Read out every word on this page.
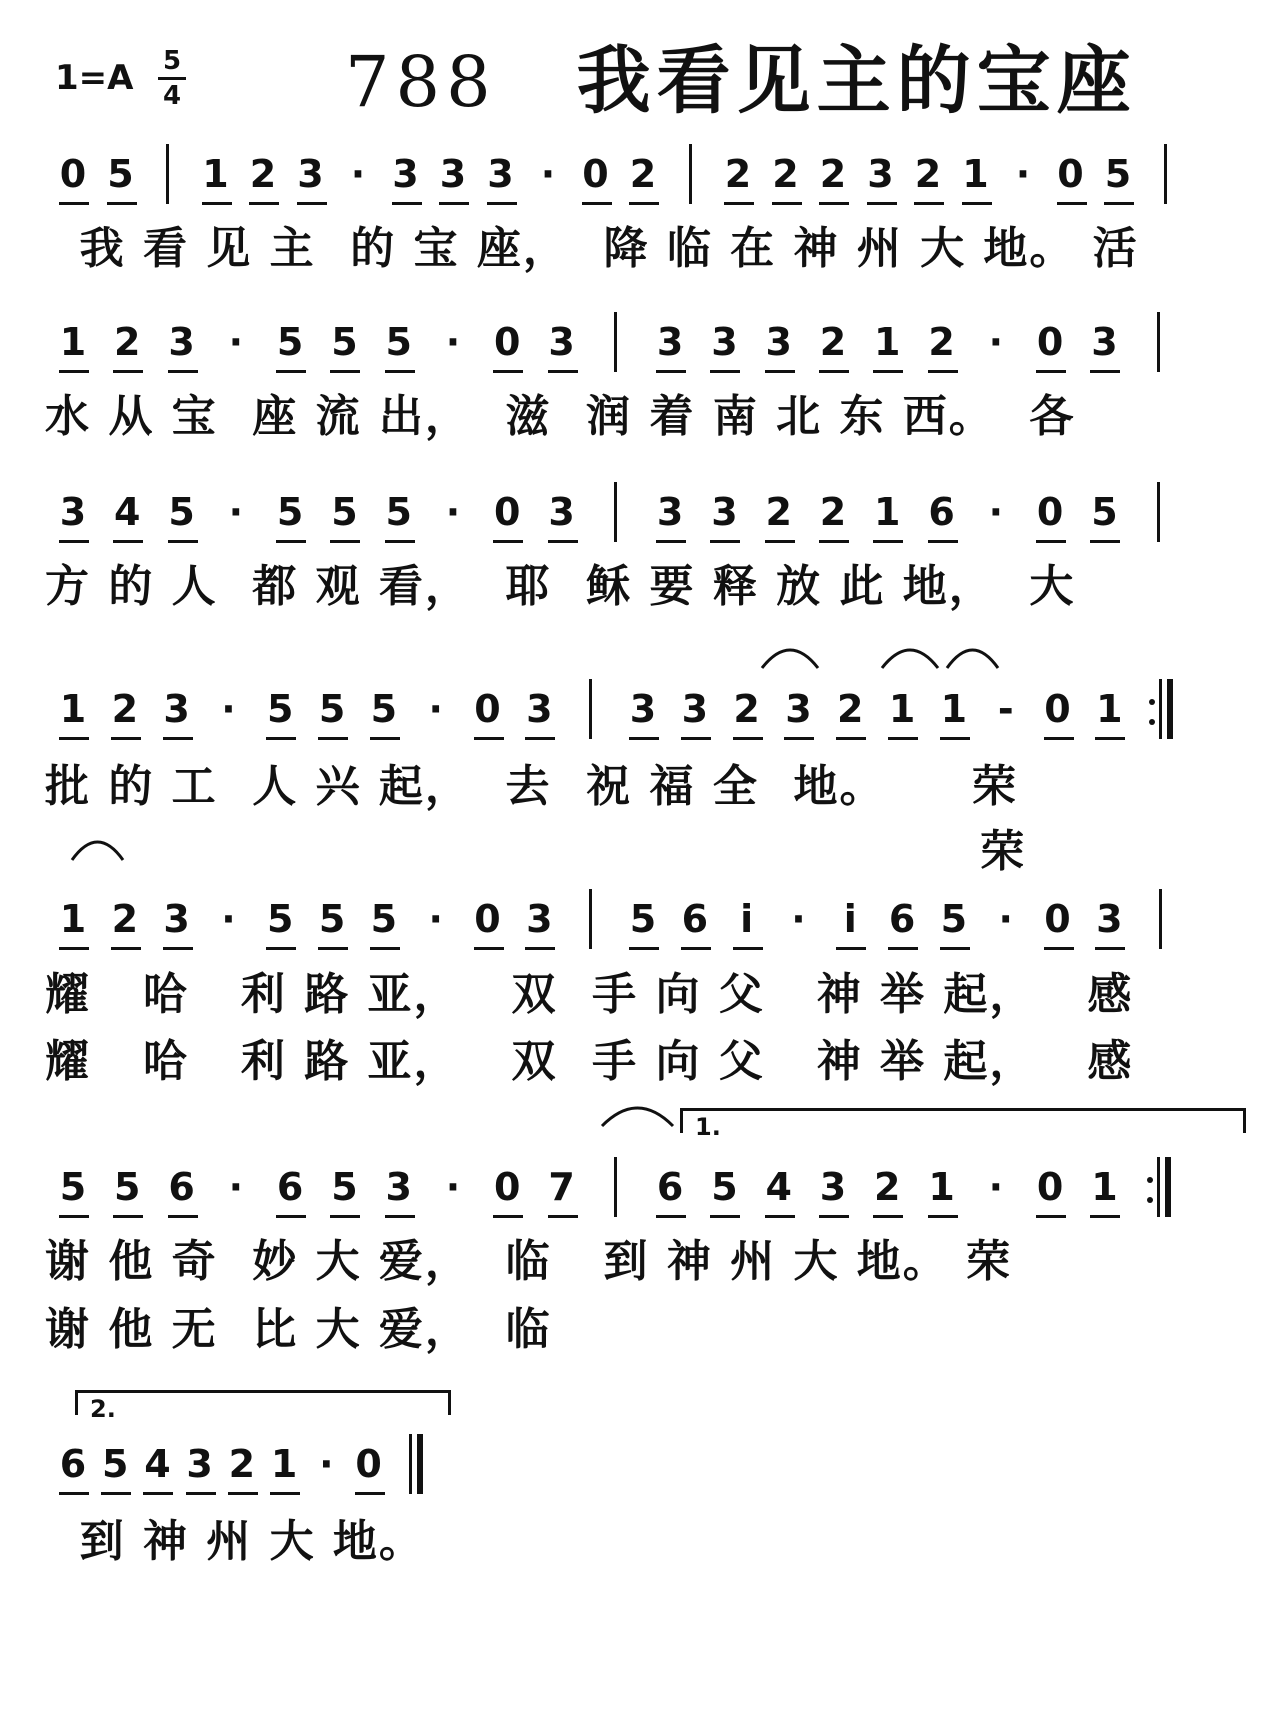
1=A 5
4 788 我看见主的宝座
0 5 1 2 3 · 3 3 3 · 0 2 2 2 2 3 2 1 · 0 5
我 看 见 主  的 宝 座，  降 临 在 神 州 大 地。 活
1 2 3 · 5 5 5 · 0 3 3 3 3 2 1 2 · 0 3
水 从 宝  座 流 出，  滋  润 着 南 北 东 西。  各
3 4 5 · 5 5 5 · 0 3 3 3 2 2 1 6 · 0 5
方 的 人  都 观 看，  耶  稣 要 释 放 此 地，  大
1 2 3 · 5 5 5 · 0 3 3 3 2 3 2 1 1 - 0 1
批 的 工  人 兴 起，  去  祝 福 全  地。     荣
荣
1 2 3 · 5 5 5 · 0 3 5 6 i	·	i 6 5 · 0 3
耀   哈   利 路 亚，   双  手 向 父   神 举 起，   感
耀   哈   利 路 亚，   双  手 向 父   神 举 起，   感
5 5 6 · 6 5 3 · 0 7 6 5 4 3 2 1 · 0 1
谢 他 奇  妙 大 爱，  临   到 神 州 大 地。 荣
谢 他 无  比 大 爱，  临
1.
6 5 4 3 2 1 · 0
到 神 州 大 地。
2.
